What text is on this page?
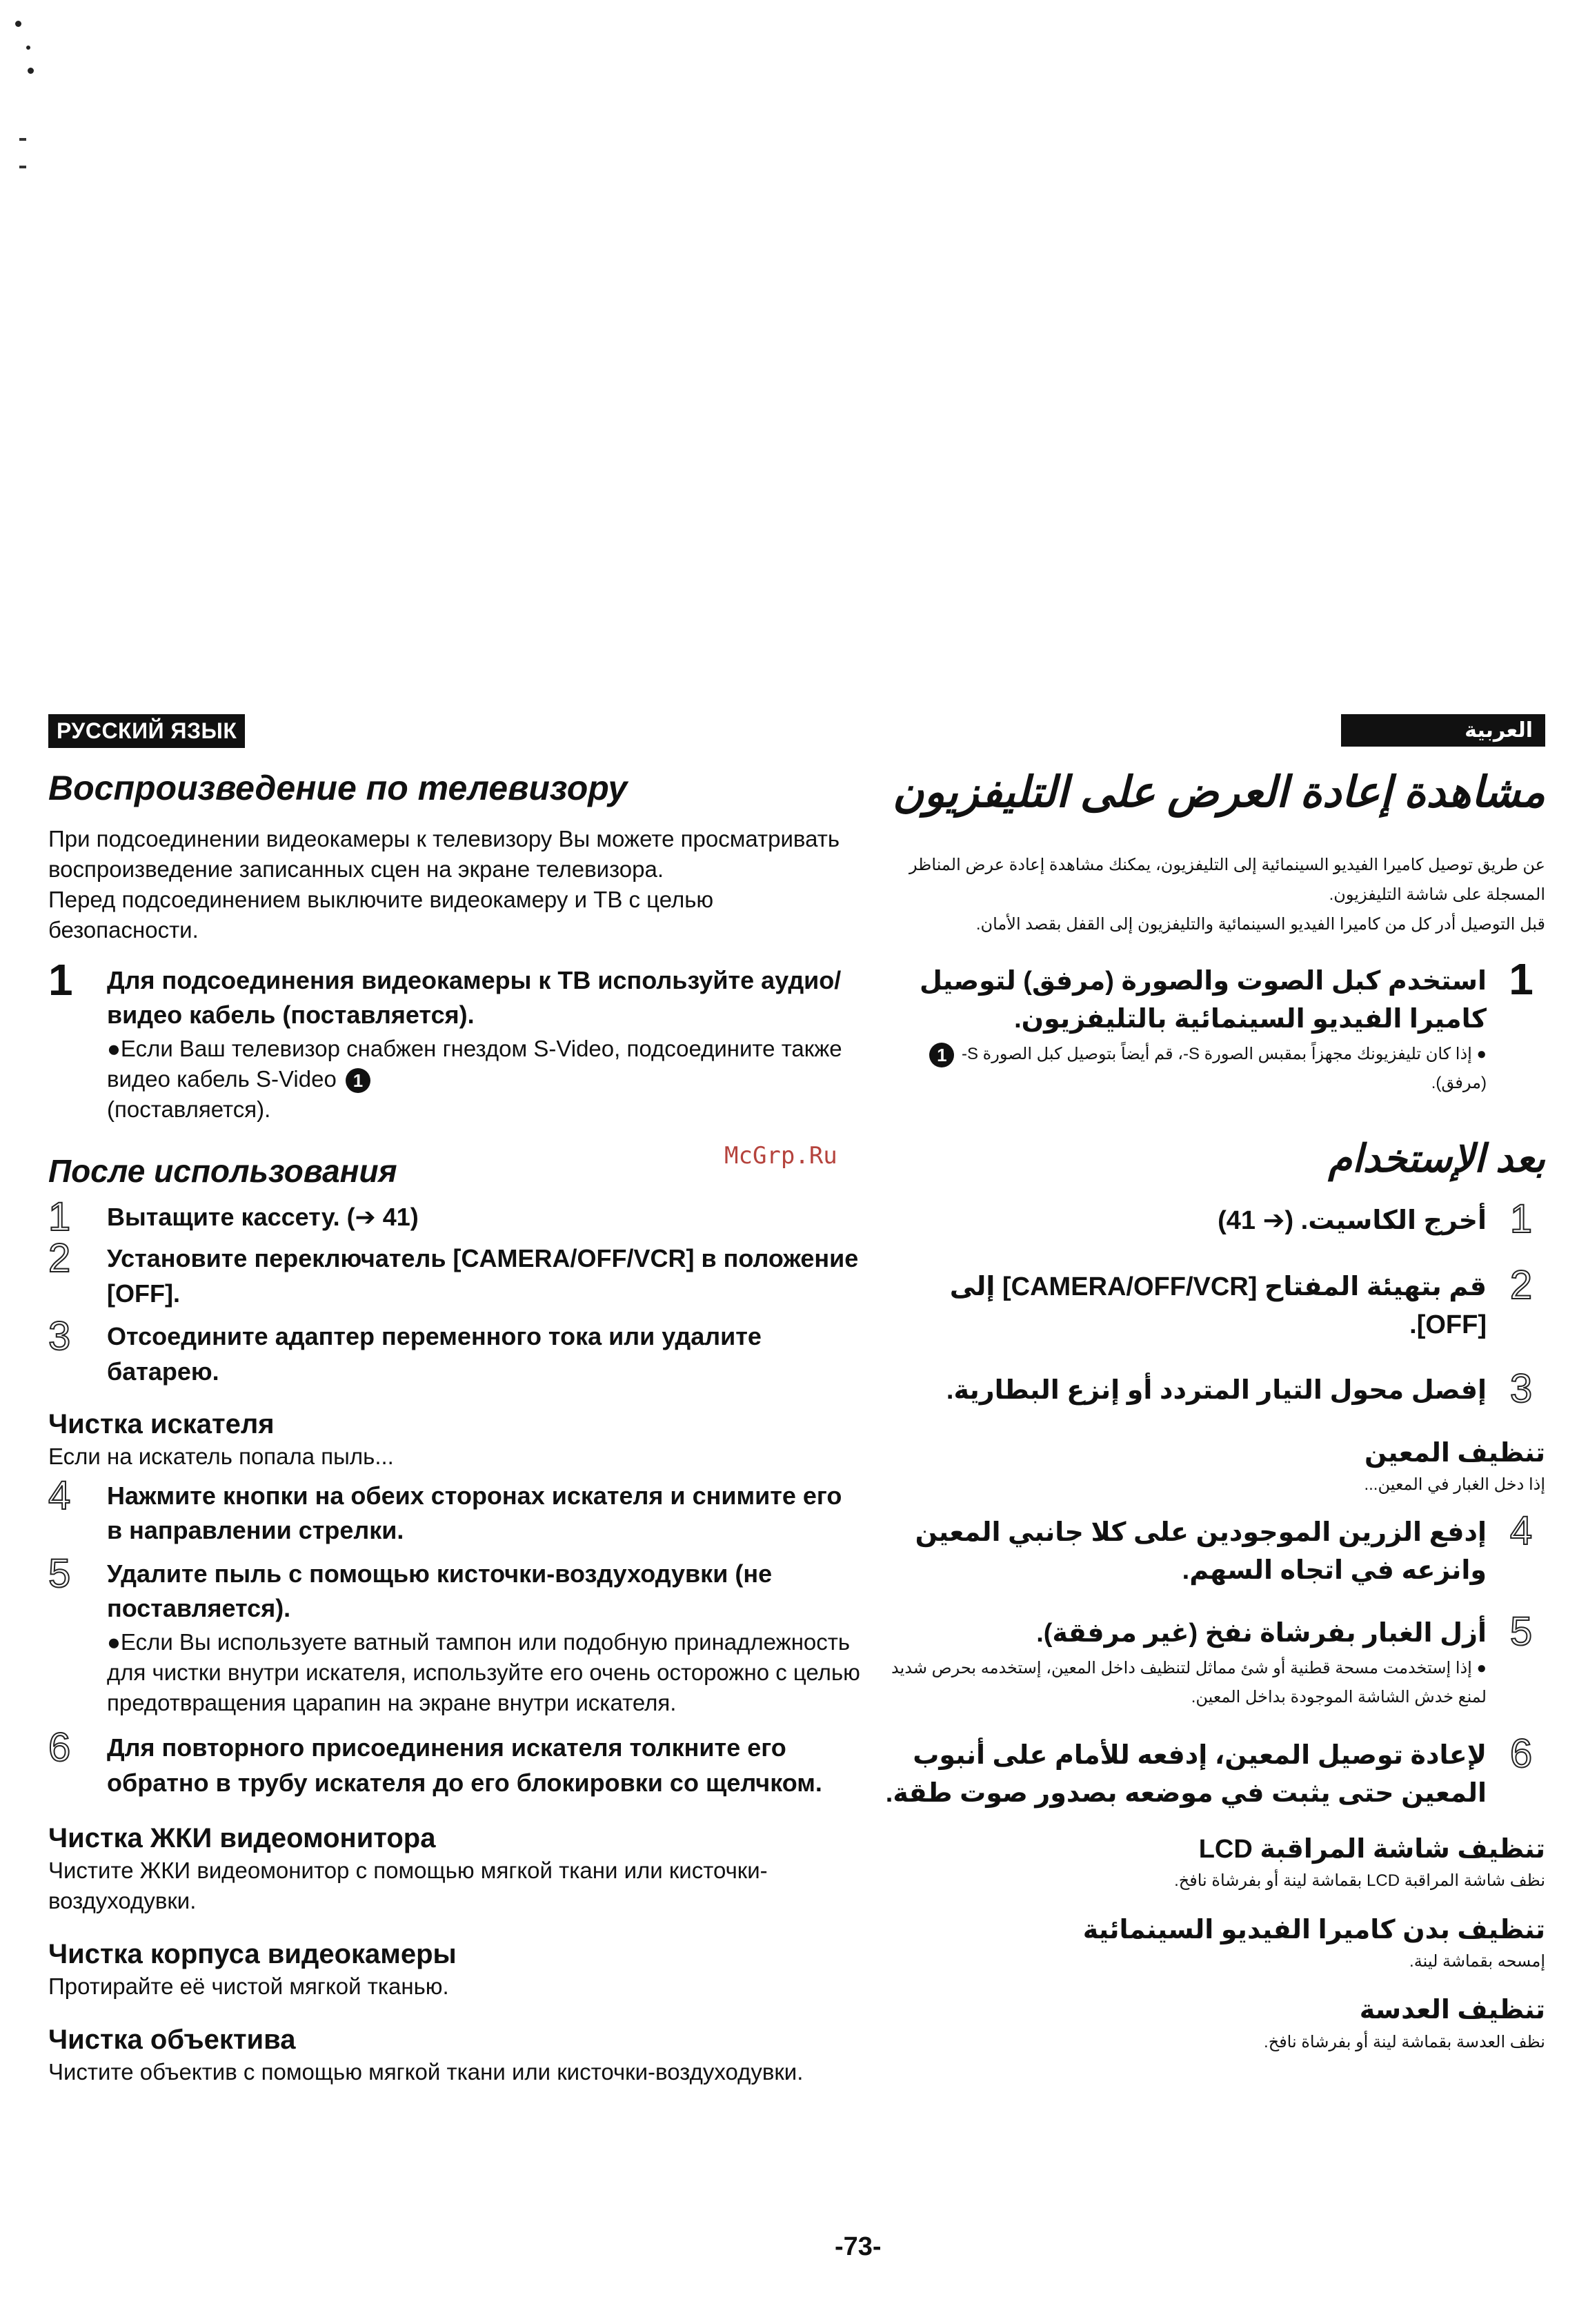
РУССКИЙ ЯЗЫК
Воспроизведение по телевизору

При подсоединении видеокамеры к телевизору Вы можете просматривать воспроизведение записанных сцен на экране телевизора.

Перед подсоединением выключите видеокамеру и ТВ с целью безопасности.

1	Для подсоединения видеокамеры к ТВ используйте аудио/видео кабель (поставляется).

●Если Ваш телевизор снабжен гнездом S-Video, подсоедините также видео кабель S-Video 1
(поставляется).

После использования
1	Вытащите кассету. (➔ 41)

2	Установите переключатель [CAMERA/OFF/VCR] в положение [OFF].

3	Отсоедините адаптер переменного тока или удалите батарею.

Чистка искателя

Если на искатель попала пыль...

4	Нажмите кнопки на обеих сторонах искателя и снимите его в направлении стрелки.

5	Удалите пыль с помощью кисточки-воздуходувки (не поставляется).

●Если Вы используете ватный тампон или подобную принадлежность для чистки внутри искателя, используйте его очень осторожно с целью предотвращения царапин на экране внутри искателя.

6	Для повторного присоединения искателя толкните его обратно в трубу искателя до его блокировки со щелчком.

Чистка ЖКИ видеомонитора

Чистите ЖКИ видеомонитор с помощью мягкой ткани или кисточки-воздуходувки.

Чистка корпуса видеокамеры

Протирайте её чистой мягкой тканью.

Чистка объектива

Чистите объектив с помощью мягкой ткани или кисточки-воздуходувки.

العربية
مشاهدة إعادة العرض على التليفزيون

عن طريق توصيل كاميرا الفيديو السينمائية إلى التليفزيون، يمكنك مشاهدة إعادة عرض المناظر المسجلة على شاشة التليفزيون.

قبل التوصيل أدر كل من كاميرا الفيديو السينمائية والتليفزيون إلى القفل بقصد الأمان.

1

استخدم كبل الصوت والصورة (مرفق) لتوصيل كاميرا الفيديو السينمائية بالتليفزيون.

● إذا كان تليفزيونك مجهزاً بمقبس الصورة S-، قم أيضاً بتوصيل كبل الصورة S- 1 (مرفق).

بعد الإستخدام
1

أخرج الكاسيت. (➔ 41)

2

قم بتهيئة المفتاح [CAMERA/OFF/VCR] إلى [OFF].

3

إفصل محول التيار المتردد أو إنزع البطارية.

تنظيف المعين

إذا دخل الغبار في المعين...

4

إدفع الزرين الموجودين على كلا جانبي المعين وانزعه في اتجاه السهم.

5

أزل الغبار بفرشاة نفخ (غير مرفقة).

● إذا إستخدمت مسحة قطنية أو شئ مماثل لتنظيف داخل المعين، إستخدمه بحرص شديد لمنع خدش الشاشة الموجودة بداخل المعين.

6

لإعادة توصيل المعين، إدفعه للأمام على أنبوب المعين حتى يثبت في موضعه بصدور صوت طقة.

تنظيف شاشة المراقبة LCD

نظف شاشة المراقبة LCD بقماشة لينة أو بفرشاة نافخ.

تنظيف بدن كاميرا الفيديو السينمائية

إمسحه بقماشة لينة.

تنظيف العدسة

نظف العدسة بقماشة لينة أو بفرشاة نافخ.

McGrp.Ru
-73-
